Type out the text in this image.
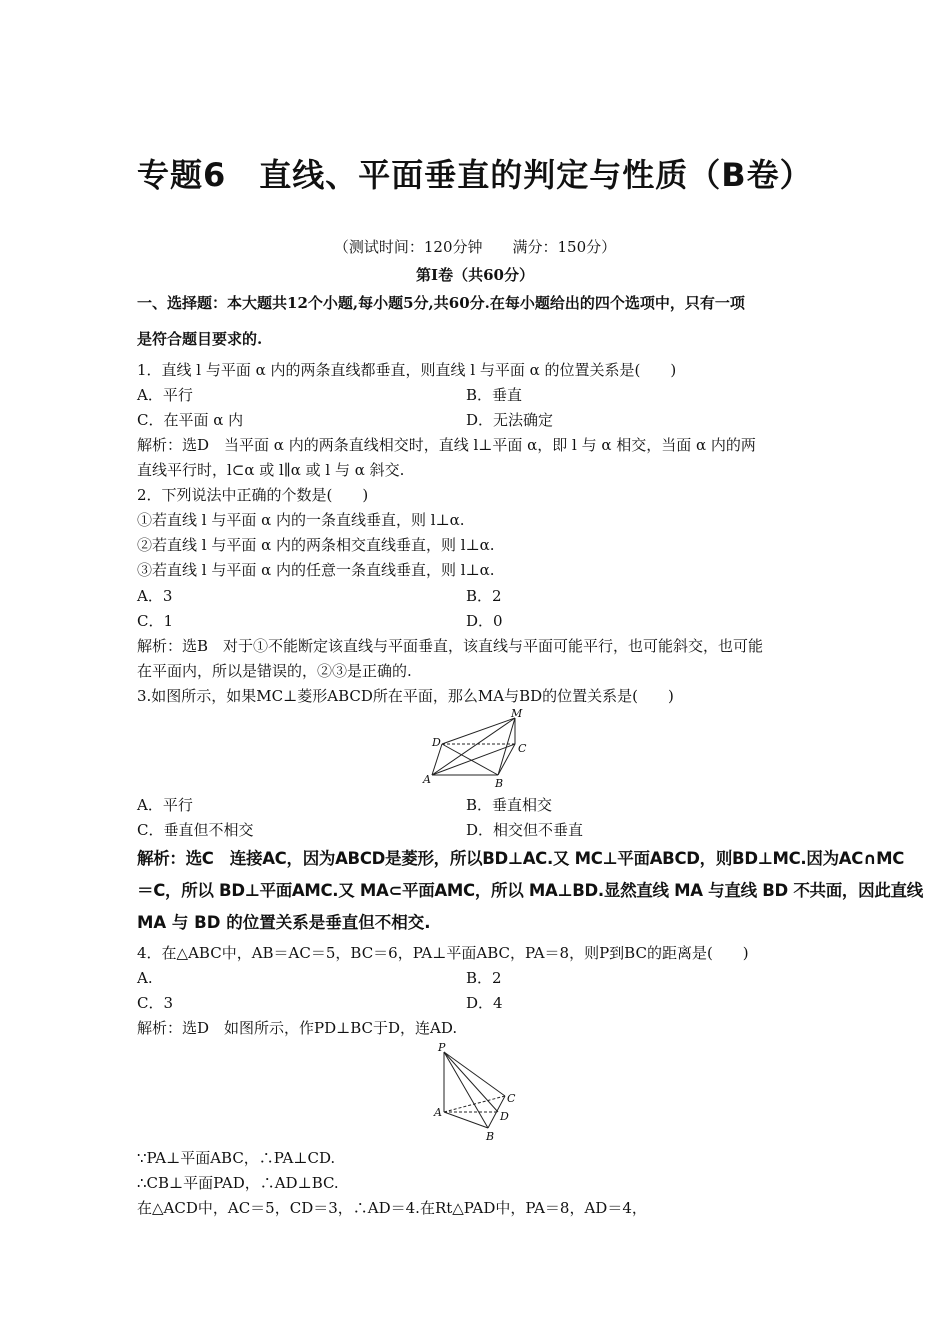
专题6　直线、平面垂直的判定与性质（B卷）
（测试时间：120分钟　　满分：150分）
第Ⅰ卷（共60分）
一、选择题：本大题共12个小题,每小题5分,共60分.在每小题给出的四个选项中，只有一项
是符合题目要求的.
1．直线 l 与平面 α 内的两条直线都垂直，则直线 l 与平面 α 的位置关系是(　　)
A．平行	B．垂直
C．在平面 α 内	D．无法确定
解析：选D　当平面 α 内的两条直线相交时，直线 l⊥平面 α，即 l 与 α 相交，当面 α 内的两
直线平行时，l⊂α 或 l∥α 或 l 与 α 斜交.
2．下列说法中正确的个数是(　　)
①若直线 l 与平面 α 内的一条直线垂直，则 l⊥α.
②若直线 l 与平面 α 内的两条相交直线垂直，则 l⊥α.
③若直线 l 与平面 α 内的任意一条直线垂直，则 l⊥α.
A．3	B．2
C．1	D．0
解析：选B　对于①不能断定该直线与平面垂直，该直线与平面可能平行，也可能斜交，也可能
在平面内，所以是错误的，②③是正确的.
3.如图所示，如果MC⊥菱形ABCD所在平面，那么MA与BD的位置关系是(　　)
M
D	C
A	B
A．平行	B．垂直相交
C．垂直但不相交	D．相交但不垂直
解析：选C　连接AC，因为ABCD是菱形，所以BD⊥AC.又 MC⊥平面ABCD，则BD⊥MC.因为AC∩MC
＝C，所以 BD⊥平面AMC.又 MA⊂平面AMC，所以 MA⊥BD.显然直线 MA 与直线 BD 不共面，因此直线
MA 与 BD 的位置关系是垂直但不相交.
4．在△ABC中，AB＝AC＝5，BC＝6，PA⊥平面ABC，PA＝8，则P到BC的距离是(　　)
A.	B．2
C．3	D．4
解析：选D　如图所示，作PD⊥BC于D，连AD.
P
C
A	D
B
∵PA⊥平面ABC，∴PA⊥CD.
∴CB⊥平面PAD，∴AD⊥BC.
在△ACD中，AC＝5，CD＝3，∴AD＝4.在Rt△PAD中，PA＝8，AD＝4，
